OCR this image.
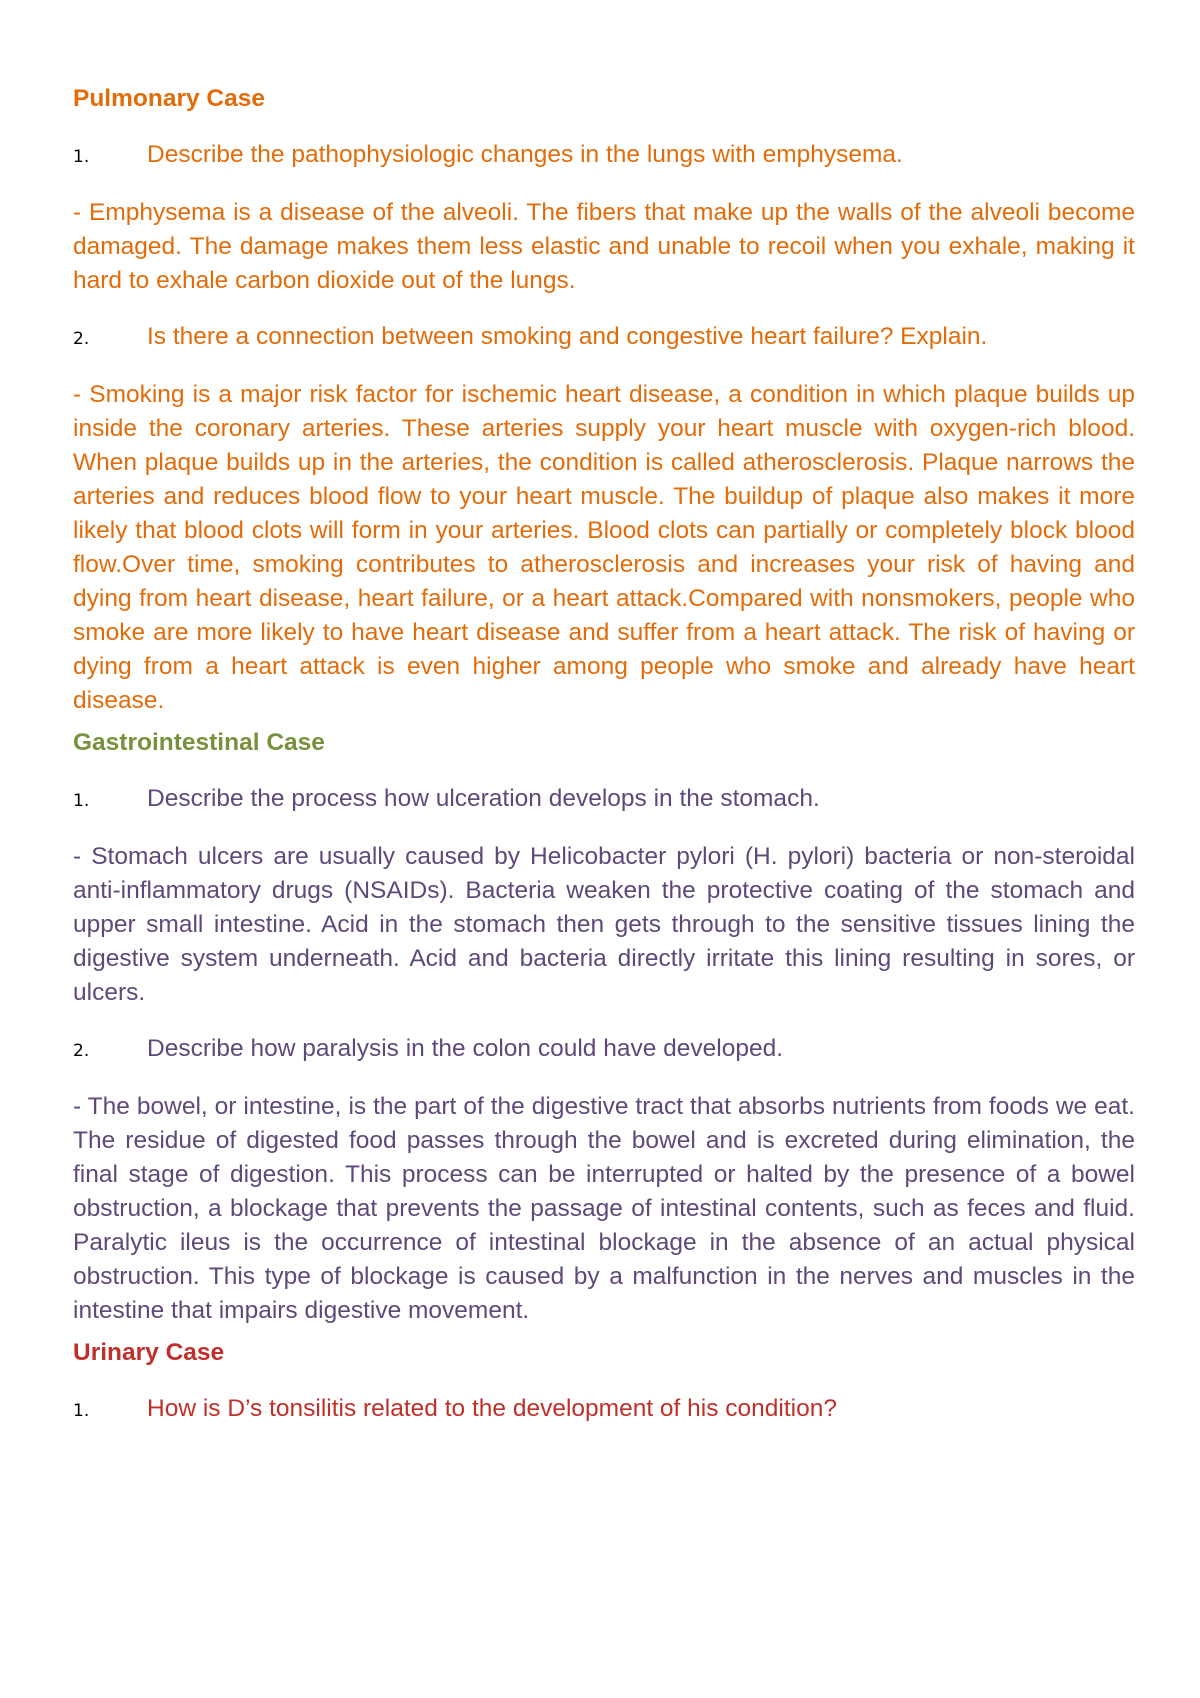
Pulmonary Case
1.	Describe the pathophysiologic changes in the lungs with emphysema.

- Emphysema is a disease of the alveoli. The fibers that make up the walls of the alveoli become damaged. The damage makes them less elastic and unable to recoil when you exhale, making it hard to exhale carbon dioxide out of the lungs.

2.	Is there a connection between smoking and congestive heart failure? Explain.

- Smoking is a major risk factor for ischemic heart disease, a condition in which plaque builds up inside the coronary arteries. These arteries supply your heart muscle with oxygen-rich blood. When plaque builds up in the arteries, the condition is called atherosclerosis. Plaque narrows the arteries and reduces blood flow to your heart muscle. The buildup of plaque also makes it more likely that blood clots will form in your arteries. Blood clots can partially or completely block blood flow.Over time, smoking contributes to atherosclerosis and increases your risk of having and dying from heart disease, heart failure, or a heart attack.Compared with nonsmokers, people who smoke are more likely to have heart disease and suffer from a heart attack. The risk of having or dying from a heart attack is even higher among people who smoke and already have heart disease.

Gastrointestinal Case
1.	Describe the process how ulceration develops in the stomach.

- Stomach ulcers are usually caused by Helicobacter pylori (H. pylori) bacteria or non-steroidal anti-inflammatory drugs (NSAIDs). Bacteria weaken the protective coating of the stomach and upper small intestine. Acid in the stomach then gets through to the sensitive tissues lining the digestive system underneath. Acid and bacteria directly irritate this lining resulting in sores, or ulcers.

2.	Describe how paralysis in the colon could have developed.

- The bowel, or intestine, is the part of the digestive tract that absorbs nutrients from foods we eat. The residue of digested food passes through the bowel and is excreted during elimination, the final stage of digestion. This process can be interrupted or halted by the presence of a bowel obstruction, a blockage that prevents the passage of intestinal contents, such as feces and fluid. Paralytic ileus is the occurrence of intestinal blockage in the absence of an actual physical obstruction. This type of blockage is caused by a malfunction in the nerves and muscles in the intestine that impairs digestive movement.

Urinary Case
1.	How is D’s tonsilitis related to the development of his condition?
